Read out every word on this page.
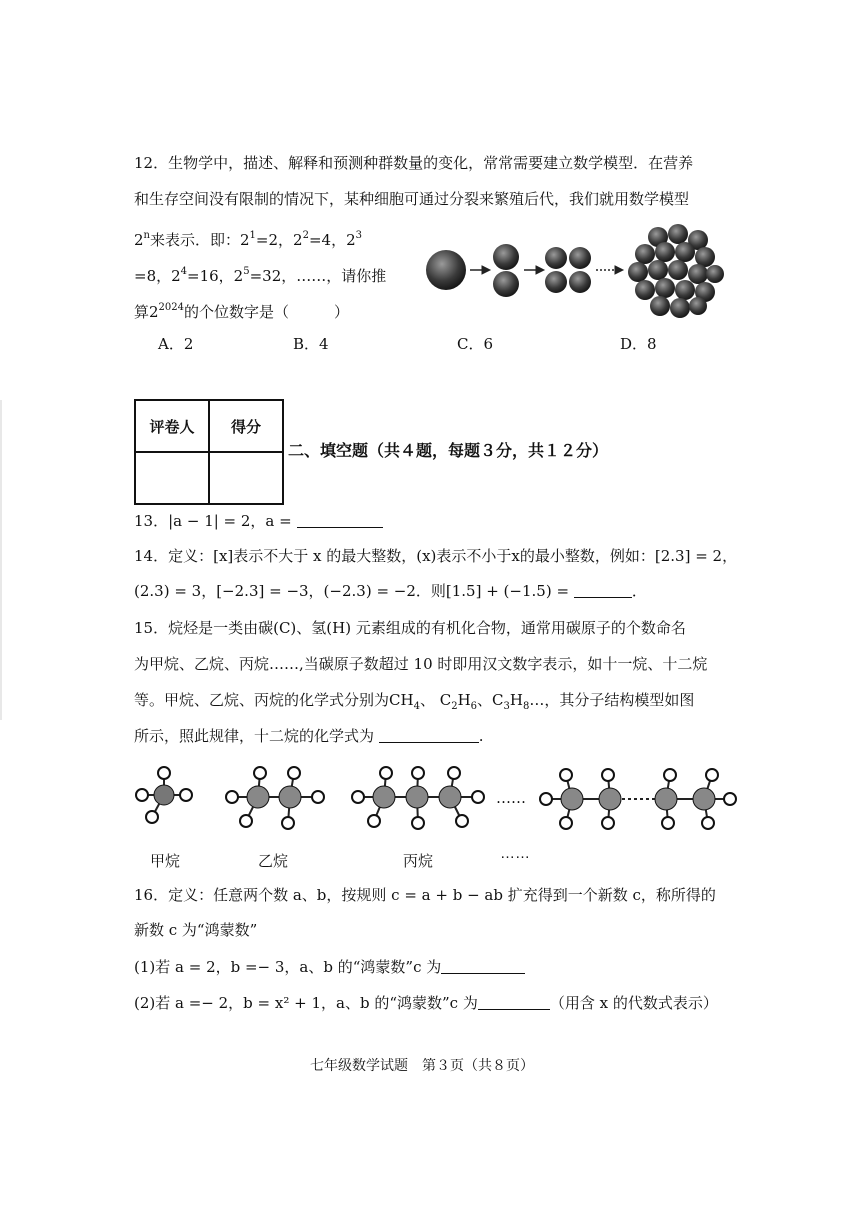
12．生物学中，描述、解释和预测种群数量的变化，常常需要建立数学模型．在营养
和生存空间没有限制的情况下，某种细胞可通过分裂来繁殖后代，我们就用数学模型
2$^n$来表示．即：$2^1=2$，$2^2=4$，$2^3$
=8，$2^4=16$，$2^5=32$，……，请你推
算$2^{2024}$的个位数字是（　　　）
A．2	B．4	C．6	D．8
评卷人	得分

二、填空题（共４题，每题３分，共１２分）
13．|a − 1| = 2，a =
14．定义：[x]表示不大于 x 的最大整数，(x)表示不小于x的最小整数，例如：[2.3] = 2，
(2.3) = 3，[−2.3] = −3，(−2.3) = −2．则[1.5] + (−1.5) =	．
15．烷烃是一类由碳(C)、氢(H) 元素组成的有机化合物，通常用碳原子的个数命名
为甲烷、乙烷、丙烷……,当碳原子数超过 10 时即用汉文数字表示，如十一烷、十二烷
等。甲烷、乙烷、丙烷的化学式分别为$CH_4$、 $C_2H_6$、$C_3H_8\dots$，其分子结构模型如图
所示，照此规律，十二烷的化学式为	.
……
甲烷	乙烷	丙烷	……
16．定义：任意两个数 a、b，按规则 c = a + b − ab 扩充得到一个新数 c，称所得的
新数 c 为“鸿蒙数”
(1)若 a = 2，b =− 3，a、b 的“鸿蒙数”c 为
(2)若 a =− 2，b = x² + 1，a、b 的“鸿蒙数”c 为	（用含 x 的代数式表示）
七年级数学试题　第３页（共８页）
